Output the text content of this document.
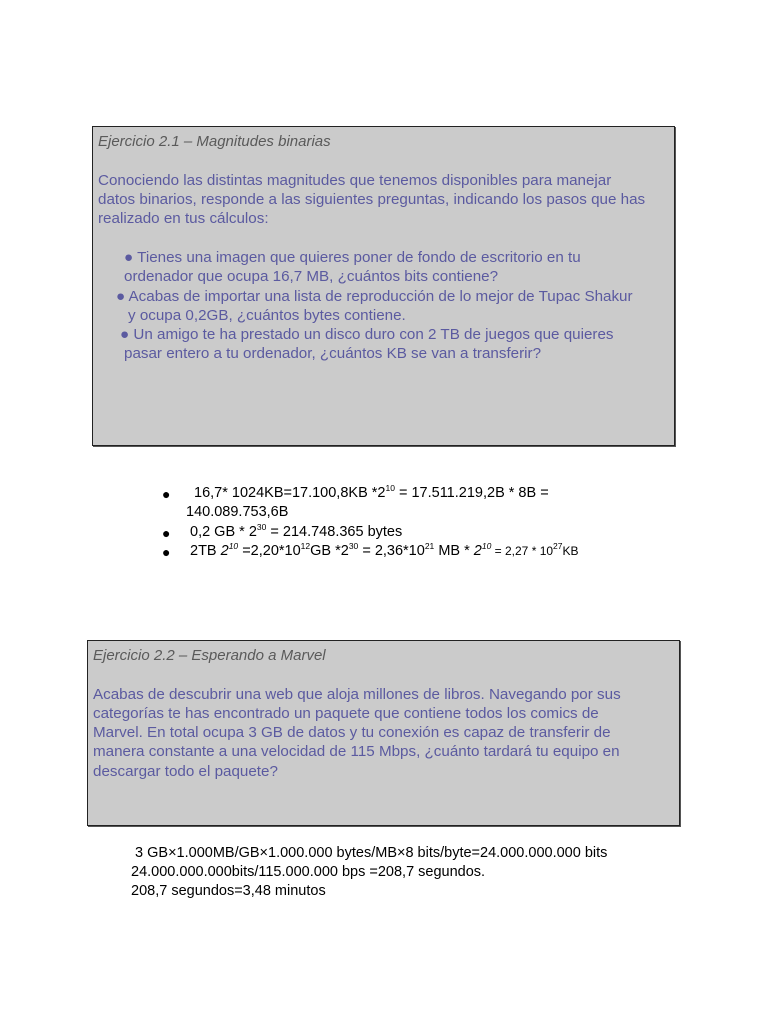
Ejercicio 2.1 – Magnitudes binarias
Conociendo las distintas magnitudes que tenemos disponibles para manejar
datos binarios, responde a las siguientes preguntas, indicando los pasos que has
realizado en tus cálculos:
● Tienes una imagen que quieres poner de fondo de escritorio en tu
ordenador que ocupa 16,7 MB, ¿cuántos bits contiene?
● Acabas de importar una lista de reproducción de lo mejor de Tupac Shakur
y ocupa 0,2GB, ¿cuántos bytes contiene.
● Un amigo te ha prestado un disco duro con 2 TB de juegos que quieres
pasar entero a tu ordenador, ¿cuántos KB se van a transferir?
● 16,7* 1024KB=17.100,8KB $*2^{10} = 17.511.219,2B * 8B$ =
140.089.753,6B
● 0,2 GB * $2^{30} = 214.748.365$ bytes
● 2TB $2^{10} =2,20*10^{12}GB$ $*2^{30} = 2,36*10^{21}$ MB * $2^{10} = 2,27 * 10^{27}KB$
Ejercicio 2.2 – Esperando a Marvel
Acabas de descubrir una web que aloja millones de libros. Navegando por sus
categorías te has encontrado un paquete que contiene todos los comics de
Marvel. En total ocupa 3 GB de datos y tu conexión es capaz de transferir de
manera constante a una velocidad de 115 Mbps, ¿cuánto tardará tu equipo en
descargar todo el paquete?
3 GB×1.000MB/GB×1.000.000 bytes/MB×8 bits/byte=24.000.000.000 bits
24.000.000.000bits/115.000.000 bps =208,7 segundos.
208,7 segundos=3,48 minutos
